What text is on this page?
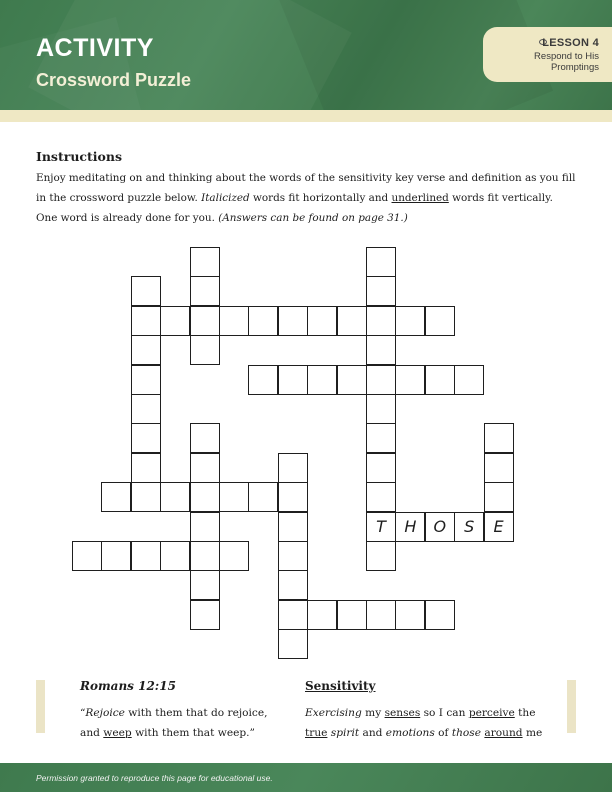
ACTIVITY
Crossword Puzzle
LESSON 4
Respond to His Promptings
Instructions
Enjoy meditating on and thinking about the words of the sensitivity key verse and definition as you fill in the crossword puzzle below. Italicized words fit horizontally and underlined words fit vertically. One word is already done for you. (Answers can be found on page 31.)
T	H	O	S	E
Romans 12:15
“Rejoice with them that do rejoice, and weep with them that weep.”
Sensitivity
Exercising my senses so I can perceive the true spirit and emotions of those around me
Permission granted to reproduce this page for educational use.
